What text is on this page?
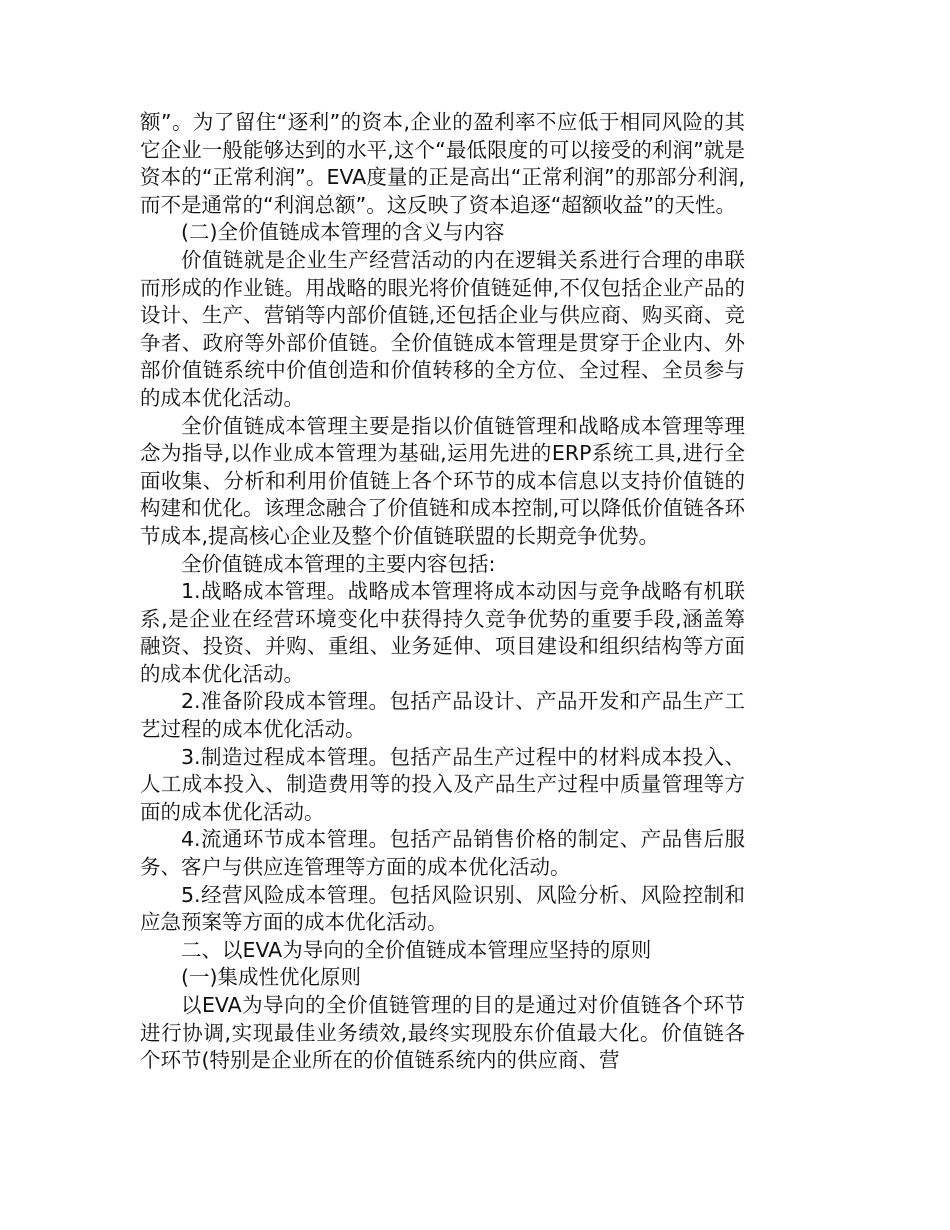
额”。为了留住“逐利”的资本,企业的盈利率不应低于相同风险的其它企业一般能够达到的水平,这个“最低限度的可以接受的利润”就是资本的“正常利润”。EVA度量的正是高出“正常利润”的那部分利润,而不是通常的“利润总额”。这反映了资本追逐“超额收益”的天性。

(二)全价值链成本管理的含义与内容

价值链就是企业生产经营活动的内在逻辑关系进行合理的串联而形成的作业链。用战略的眼光将价值链延伸,不仅包括企业产品的设计、生产、营销等内部价值链,还包括企业与供应商、购买商、竞争者、政府等外部价值链。全价值链成本管理是贯穿于企业内、外部价值链系统中价值创造和价值转移的全方位、全过程、全员参与的成本优化活动。

全价值链成本管理主要是指以价值链管理和战略成本管理等理念为指导,以作业成本管理为基础,运用先进的ERP系统工具,进行全面收集、分析和利用价值链上各个环节的成本信息以支持价值链的构建和优化。该理念融合了价值链和成本控制,可以降低价值链各环节成本,提高核心企业及整个价值链联盟的长期竞争优势。

全价值链成本管理的主要内容包括:

1.战略成本管理。战略成本管理将成本动因与竞争战略有机联系,是企业在经营环境变化中获得持久竞争优势的重要手段,涵盖筹融资、投资、并购、重组、业务延伸、项目建设和组织结构等方面的成本优化活动。

2.准备阶段成本管理。包括产品设计、产品开发和产品生产工艺过程的成本优化活动。

3.制造过程成本管理。包括产品生产过程中的材料成本投入、人工成本投入、制造费用等的投入及产品生产过程中质量管理等方面的成本优化活动。

4.流通环节成本管理。包括产品销售价格的制定、产品售后服务、客户与供应连管理等方面的成本优化活动。

5.经营风险成本管理。包括风险识别、风险分析、风险控制和应急预案等方面的成本优化活动。

二、以EVA为导向的全价值链成本管理应坚持的原则

(一)集成性优化原则

以EVA为导向的全价值链管理的目的是通过对价值链各个环节进行协调,实现最佳业务绩效,最终实现股东价值最大化。价值链各个环节(特别是企业所在的价值链系统内的供应商、营
